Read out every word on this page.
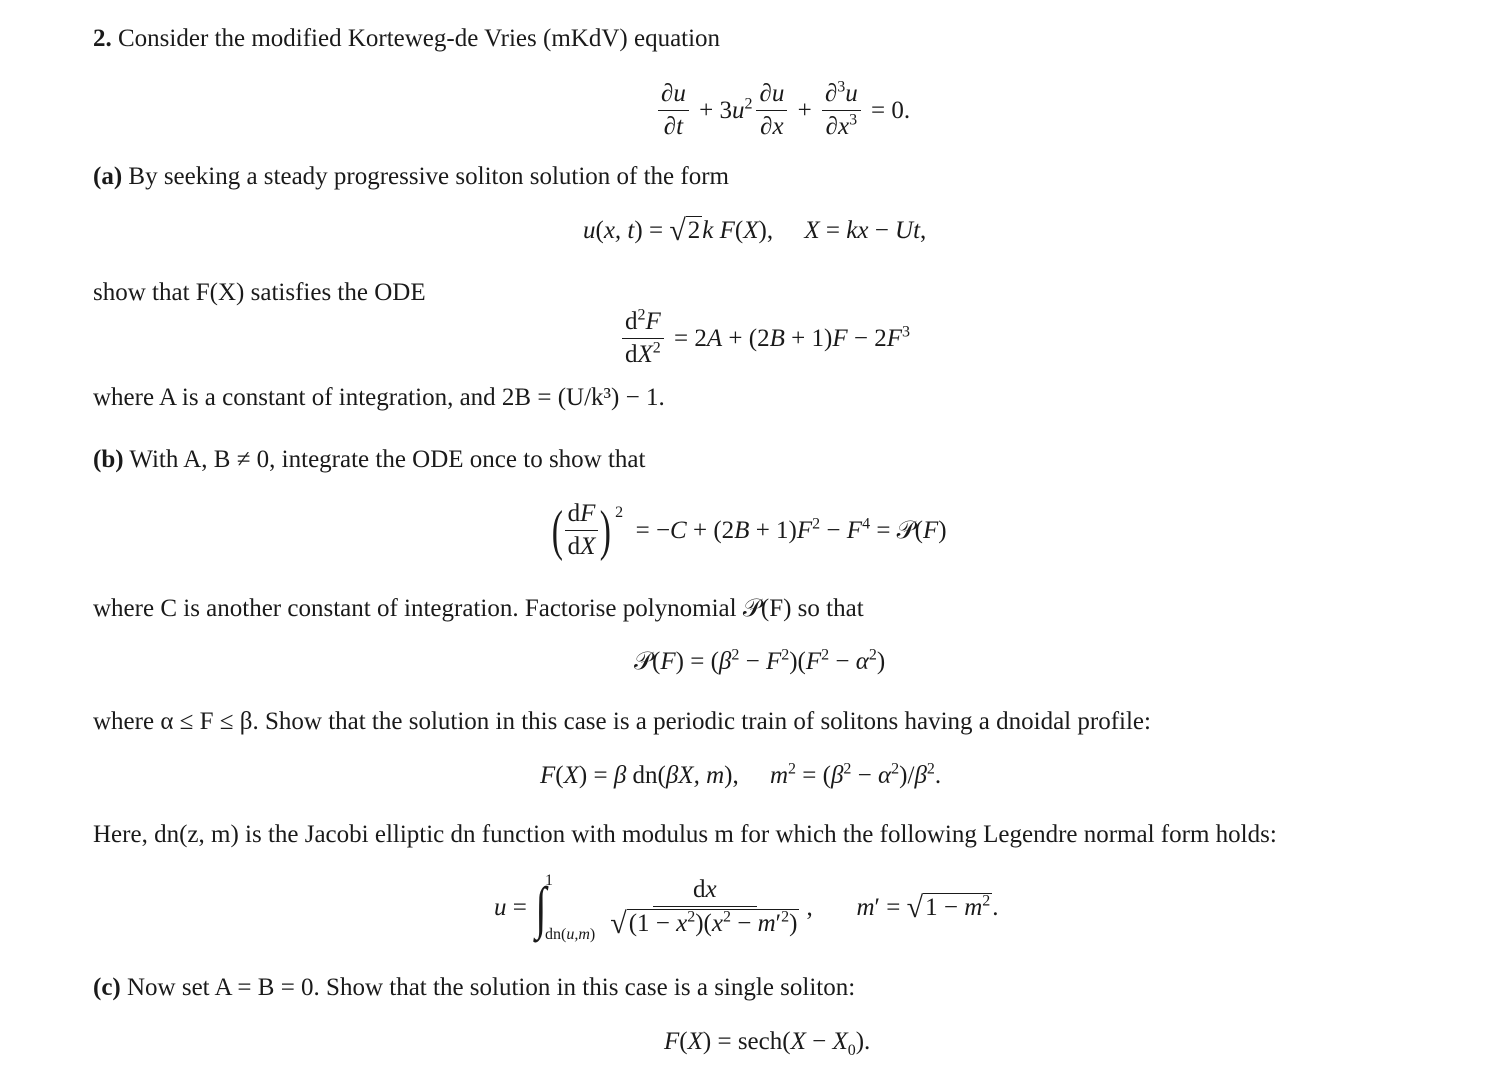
2. Consider the modified Korteweg-de Vries (mKdV) equation
$\frac{\partial u}{\partial t} + 3u^2 \frac{\partial u}{\partial x} + \frac{\partial^3u}{\partial x^3} = 0$.
(a) By seeking a steady progressive soliton solution of the form
u (x, t) = √ 2 k F (X), X = kx − Ut ,
show that F(X) satisfies the ODE
$\frac{d^2F}{dX^2} = 2A + (2B + 1)F - 2F^3$
where A is a constant of integration, and 2B = (U/k³) − 1.
(b) With A, B ≠ 0, integrate the ODE once to show that
( $\frac{dF}{dX} )^2$
= $-C + (2B + 1)F^2 - F^4$ = 𝒫(F)
where C is another constant of integration. Factorise polynomial 𝒫(F) so that
𝒫(F) = $(\beta^2 - F^2)(F^2 - \alpha^2)$
where α ≤ F ≤ β. Show that the solution in this case is a periodic train of solitons having a dnoidal profile:
F(X) = β dn(βX, m),     $m^2 = (\beta^2 - \alpha^2)/\beta^2$.
Here, dn(z, m) is the Jacobi elliptic dn function with modulus m for which the following Legendre normal form holds:
u = ∫
1
$dn(u,m) \frac{dx}{√ (1 - x^2)(x^2 - m'^2)}$ ,       m′ = √ $1 - m^2$ .
(c) Now set A = B = 0. Show that the solution in this case is a single soliton:
$F(X) = \sec h(X - X_0)$.
